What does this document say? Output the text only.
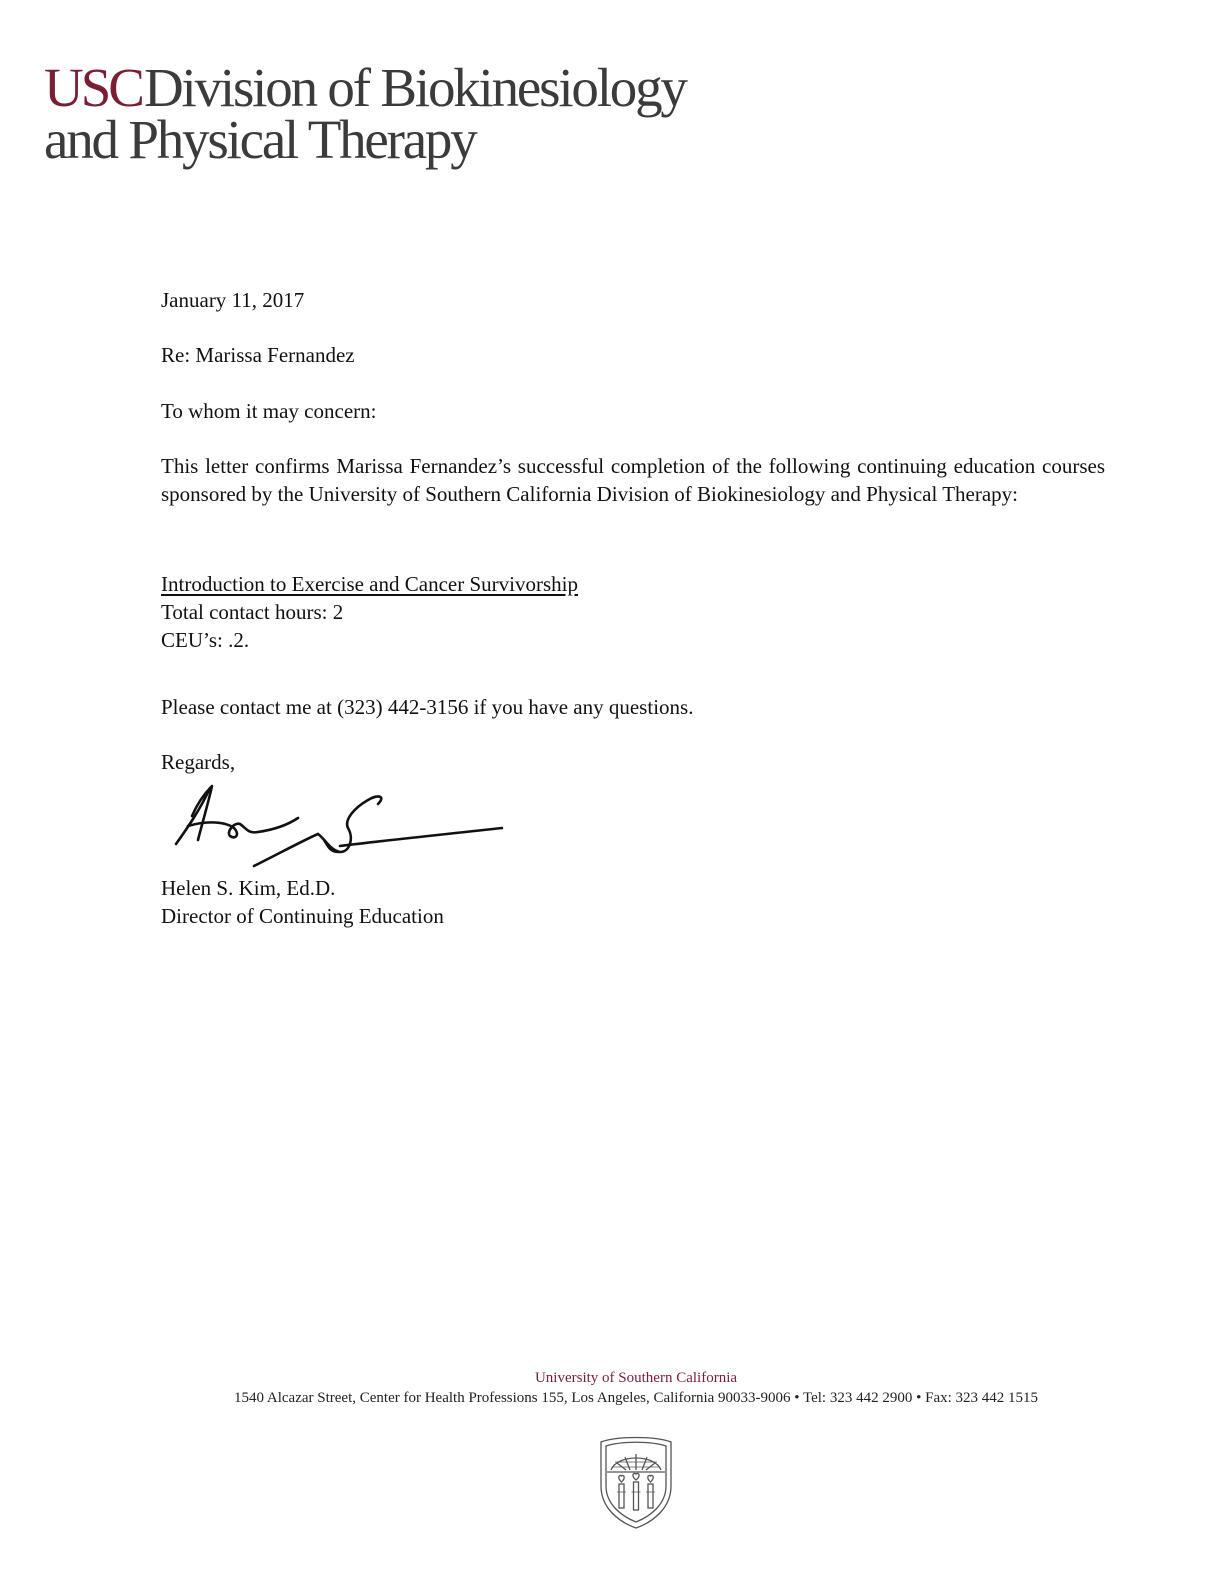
USCDivision of Biokinesiology
and Physical Therapy
January 11, 2017
Re: Marissa Fernandez
To whom it may concern:
This letter confirms Marissa Fernandez’s successful completion of the following continuing education courses sponsored by the University of Southern California Division of Biokinesiology and Physical Therapy:
Introduction to Exercise and Cancer Survivorship
Total contact hours: 2
CEU’s: .2.
Please contact me at (323) 442-3156 if you have any questions.
Regards,
Helen S. Kim, Ed.D.
Director of Continuing Education
University of Southern California
1540 Alcazar Street, Center for Health Professions 155, Los Angeles, California 90033-9006 • Tel: 323 442 2900 • Fax: 323 442 1515
